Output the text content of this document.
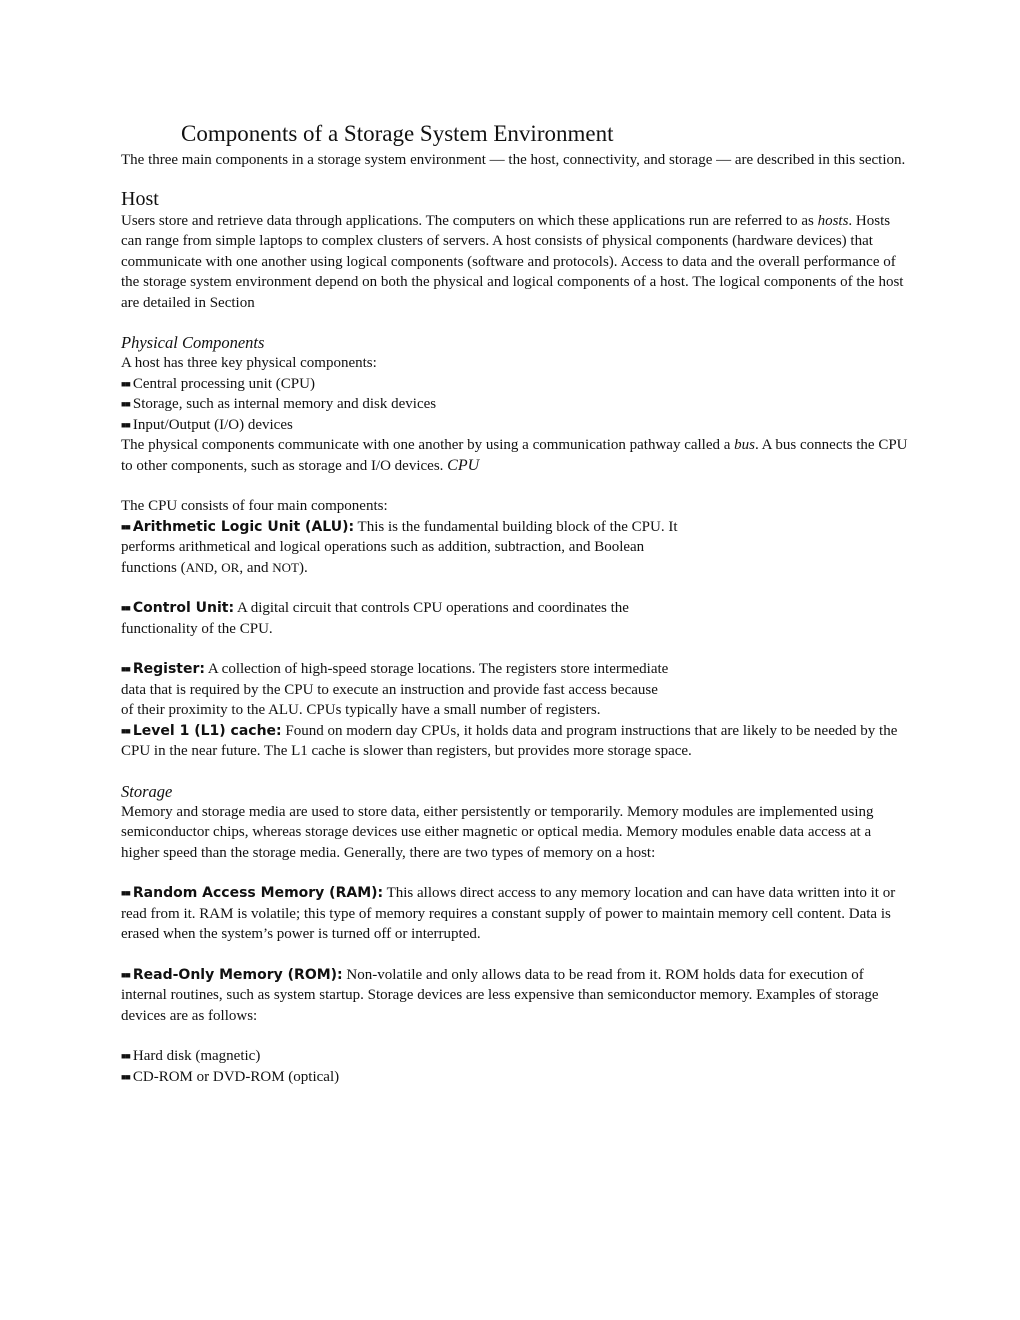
Components of a Storage System Environment

The three main components in a storage system environment — the host, connectivity, and storage — are described in this section.

Host

Users store and retrieve data through applications. The computers on which these applications run are referred to as hosts. Hosts can range from simple laptops to complex clusters of servers. A host consists of physical components (hardware devices) that communicate with one another using logical components (software and protocols). Access to data and the overall performance of the storage system environment depend on both the physical and logical components of a host. The logical components of the host are detailed in Section

Physical Components

A host has three key physical components:

■■ Central processing unit (CPU)

■■ Storage, such as internal memory and disk devices

■■ Input/Output (I/O) devices

The physical components communicate with one another by using a communication pathway called a bus. A bus connects the CPU to other components, such as storage and I/O devices. CPU

The CPU consists of four main components:

■■ Arithmetic Logic Unit (ALU): This is the fundamental building block of the CPU. It performs arithmetical and logical operations such as addition, subtraction, and Boolean functions (AND, OR, and NOT).

■■ Control Unit: A digital circuit that controls CPU operations and coordinates the functionality of the CPU.

■■ Register: A collection of high-speed storage locations. The registers store intermediate data that is required by the CPU to execute an instruction and provide fast access because of their proximity to the ALU. CPUs typically have a small number of registers.

■■ Level 1 (L1) cache: Found on modern day CPUs, it holds data and program instructions that are likely to be needed by the CPU in the near future. The L1 cache is slower than registers, but provides more storage space.

Storage

Memory and storage media are used to store data, either persistently or temporarily. Memory modules are implemented using semiconductor chips, whereas storage devices use either magnetic or optical media. Memory modules enable data access at a higher speed than the storage media. Generally, there are two types of memory on a host:

■■ Random Access Memory (RAM): This allows direct access to any memory location and can have data written into it or read from it. RAM is volatile; this type of memory requires a constant supply of power to maintain memory cell content. Data is erased when the system’s power is turned off or interrupted.

■■ Read-Only Memory (ROM): Non-volatile and only allows data to be read from it. ROM holds data for execution of internal routines, such as system startup. Storage devices are less expensive than semiconductor memory. Examples of storage devices are as follows:

■■ Hard disk (magnetic)

■■ CD-ROM or DVD-ROM (optical)
